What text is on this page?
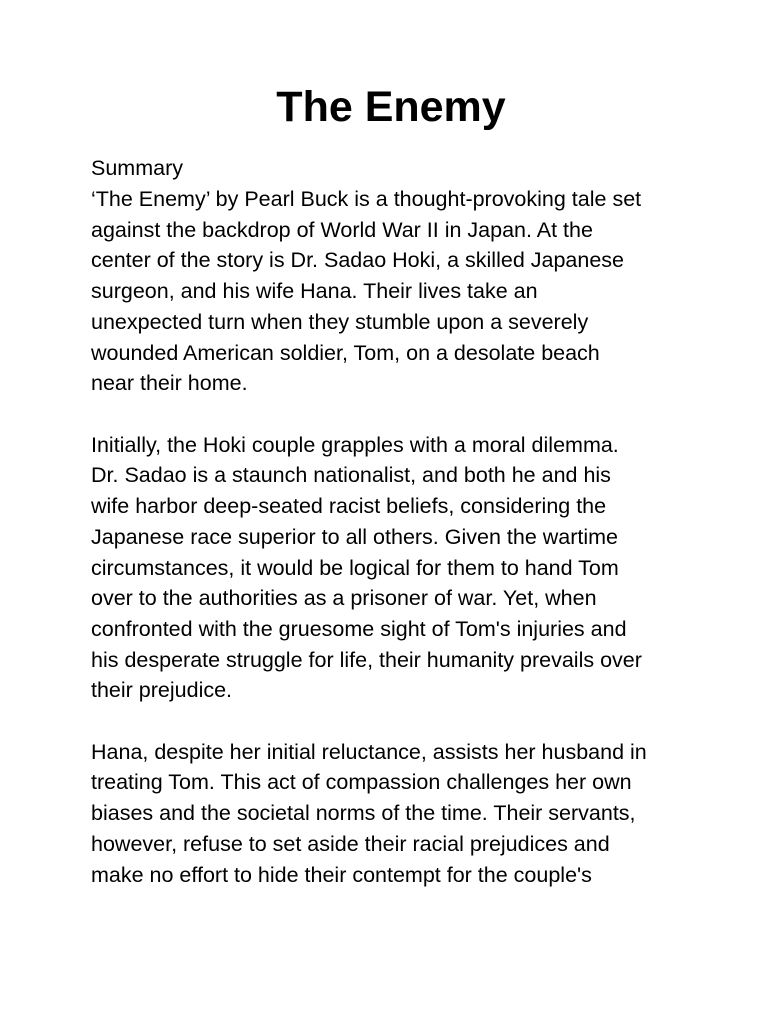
The Enemy

Summary

‘The Enemy’ by Pearl Buck is a thought-provoking tale set
against the backdrop of World War II in Japan. At the
center of the story is Dr. Sadao Hoki, a skilled Japanese
surgeon, and his wife Hana. Their lives take an
unexpected turn when they stumble upon a severely
wounded American soldier, Tom, on a desolate beach
near their home.

Initially, the Hoki couple grapples with a moral dilemma.
Dr. Sadao is a staunch nationalist, and both he and his
wife harbor deep-seated racist beliefs, considering the
Japanese race superior to all others. Given the wartime
circumstances, it would be logical for them to hand Tom
over to the authorities as a prisoner of war. Yet, when
confronted with the gruesome sight of Tom's injuries and
his desperate struggle for life, their humanity prevails over
their prejudice.

Hana, despite her initial reluctance, assists her husband in
treating Tom. This act of compassion challenges her own
biases and the societal norms of the time. Their servants,
however, refuse to set aside their racial prejudices and
make no effort to hide their contempt for the couple's
